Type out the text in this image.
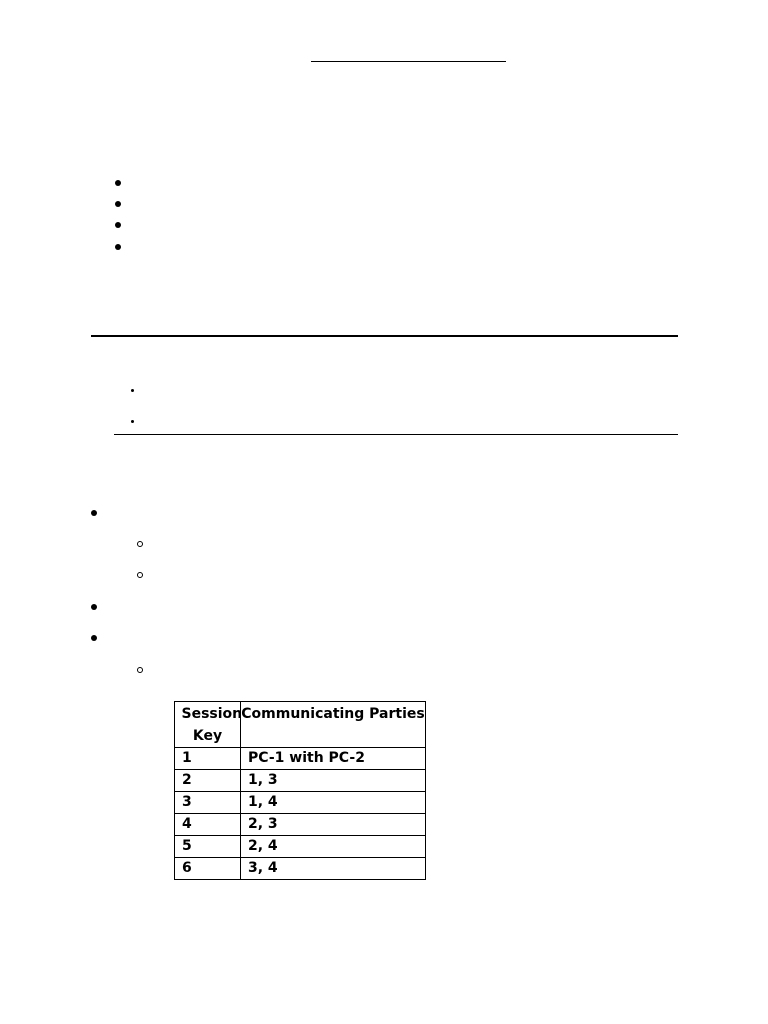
Session Key	Communicating Parties
1	PC-1 with PC-2
2	1, 3
3	1, 4
4	2, 3
5	2, 4
6	3, 4
